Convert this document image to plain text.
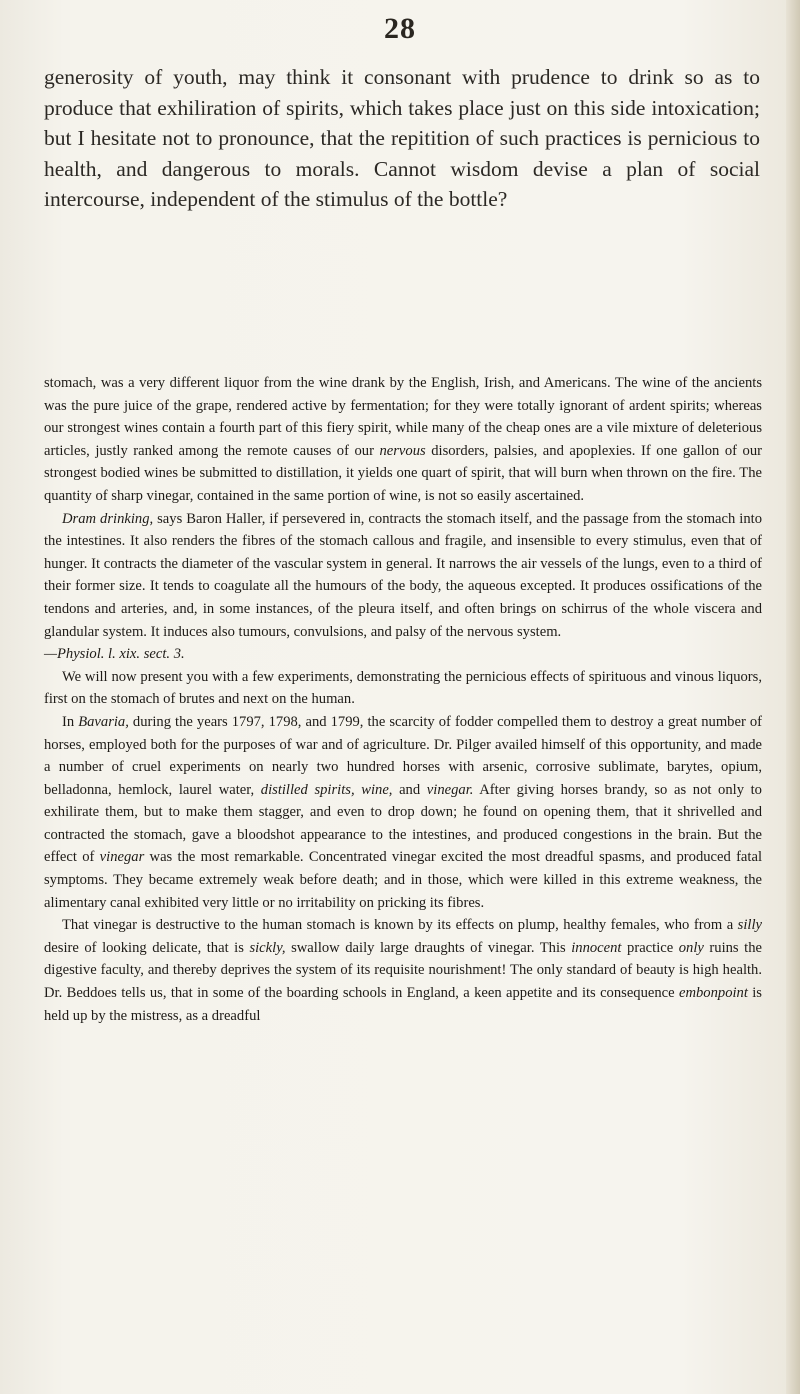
28

generosity of youth, may think it consonant with prudence to drink so as to produce that exhiliration of spirits, which takes place just on this side intoxication; but I hesitate not to pronounce, that the repitition of such practices is pernicious to health, and dangerous to morals. Cannot wisdom devise a plan of social intercourse, independent of the stimulus of the bottle?

stomach, was a very different liquor from the wine drank by the English, Irish, and Americans. The wine of the ancients was the pure juice of the grape, rendered active by fermentation; for they were totally ignorant of ardent spirits; whereas our strongest wines contain a fourth part of this fiery spirit, while many of the cheap ones are a vile mixture of deleterious articles, justly ranked among the remote causes of our nervous disorders, palsies, and apoplexies. If one gallon of our strongest bodied wines be submitted to distillation, it yields one quart of spirit, that will burn when thrown on the fire. The quantity of sharp vinegar, contained in the same portion of wine, is not so easily ascertained.

Dram drinking, says Baron Haller, if persevered in, contracts the stomach itself, and the passage from the stomach into the intestines. It also renders the fibres of the stomach callous and fragile, and insensible to every stimulus, even that of hunger. It contracts the diameter of the vascular system in general. It narrows the air vessels of the lungs, even to a third of their former size. It tends to coagulate all the humours of the body, the aqueous excepted. It produces ossifications of the tendons and arteries, and, in some instances, of the pleura itself, and often brings on schirrus of the whole viscera and glandular system. It induces also tumours, convulsions, and palsy of the nervous system.

—Physiol. l. xix. sect. 3.

We will now present you with a few experiments, demonstrating the pernicious effects of spirituous and vinous liquors, first on the stomach of brutes and next on the human.

In Bavaria, during the years 1797, 1798, and 1799, the scarcity of fodder compelled them to destroy a great number of horses, employed both for the purposes of war and of agriculture. Dr. Pilger availed himself of this opportunity, and made a number of cruel experiments on nearly two hundred horses with arsenic, corrosive sublimate, barytes, opium, belladonna, hemlock, laurel water, distilled spirits, wine, and vinegar. After giving horses brandy, so as not only to exhilirate them, but to make them stagger, and even to drop down; he found on opening them, that it shrivelled and contracted the stomach, gave a bloodshot appearance to the intestines, and produced congestions in the brain. But the effect of vinegar was the most remarkable. Concentrated vinegar excited the most dreadful spasms, and produced fatal symptoms. They became extremely weak before death; and in those, which were killed in this extreme weakness, the alimentary canal exhibited very little or no irritability on pricking its fibres.

That vinegar is destructive to the human stomach is known by its effects on plump, healthy females, who from a silly desire of looking delicate, that is sickly, swallow daily large draughts of vinegar. This innocent practice only ruins the digestive faculty, and thereby deprives the system of its requisite nourishment! The only standard of beauty is high health. Dr. Beddoes tells us, that in some of the boarding schools in England, a keen appetite and its consequence embonpoint is held up by the mistress, as a dreadful
